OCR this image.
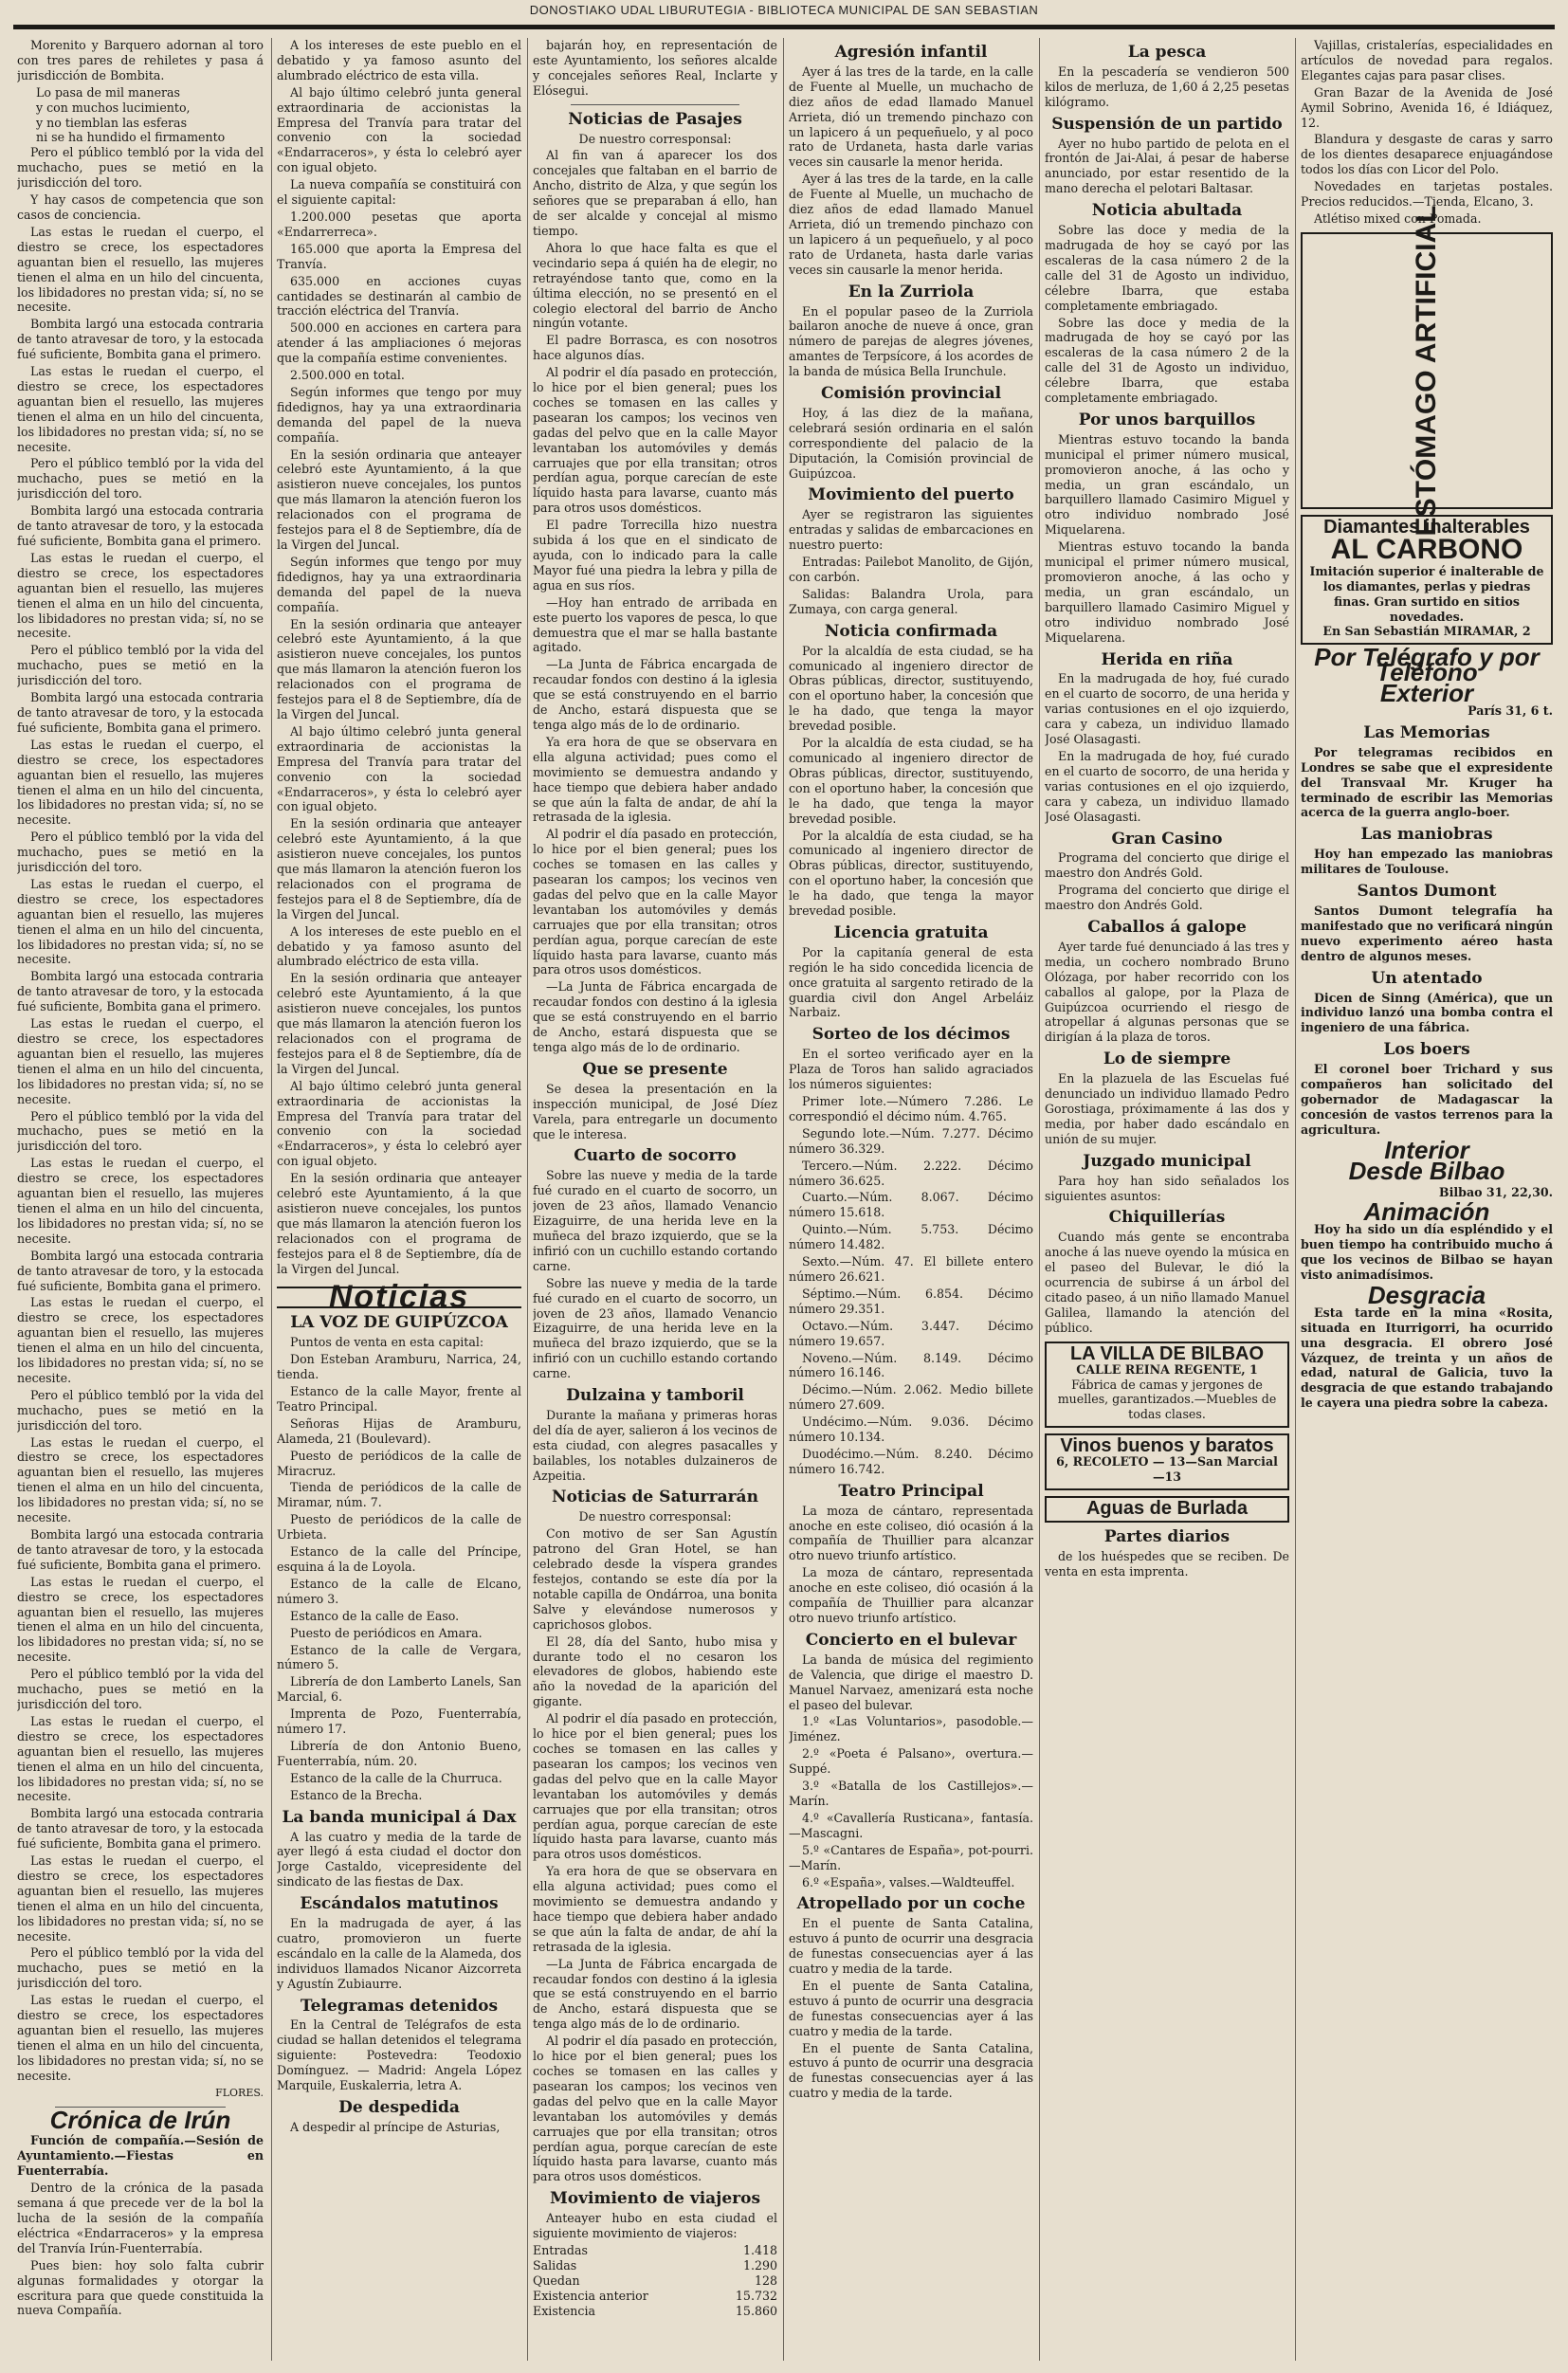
DONOSTIAKO UDAL LIBURUTEGIA - BIBLIOTECA MUNICIPAL DE SAN SEBASTIAN

Morenito y Barquero adornan al toro con tres pares de rehiletes y pasa á jurisdicción de Bombita.

Lo pasa de mil maneras

y con muchos lucimiento,

y no tiemblan las esferas

ni se ha hundido el firmamento

Pero el público tembló por la vida del muchacho, pues se metió en la jurisdicción del toro.

Y hay casos de competencia que son casos de conciencia.

Las estas le ruedan el cuerpo, el diestro se crece, los espectadores aguantan bien el resuello, las mujeres tienen el alma en un hilo del cincuenta, los libidadores no prestan vida; sí, no se necesite.

Bombita largó una estocada contraria de tanto atravesar de toro, y la estocada fué suficiente, Bombita gana el primero.

Las estas le ruedan el cuerpo, el diestro se crece, los espectadores aguantan bien el resuello, las mujeres tienen el alma en un hilo del cincuenta, los libidadores no prestan vida; sí, no se necesite.

Pero el público tembló por la vida del muchacho, pues se metió en la jurisdicción del toro.

Bombita largó una estocada contraria de tanto atravesar de toro, y la estocada fué suficiente, Bombita gana el primero.

Las estas le ruedan el cuerpo, el diestro se crece, los espectadores aguantan bien el resuello, las mujeres tienen el alma en un hilo del cincuenta, los libidadores no prestan vida; sí, no se necesite.

Pero el público tembló por la vida del muchacho, pues se metió en la jurisdicción del toro.

Bombita largó una estocada contraria de tanto atravesar de toro, y la estocada fué suficiente, Bombita gana el primero.

Las estas le ruedan el cuerpo, el diestro se crece, los espectadores aguantan bien el resuello, las mujeres tienen el alma en un hilo del cincuenta, los libidadores no prestan vida; sí, no se necesite.

Pero el público tembló por la vida del muchacho, pues se metió en la jurisdicción del toro.

Las estas le ruedan el cuerpo, el diestro se crece, los espectadores aguantan bien el resuello, las mujeres tienen el alma en un hilo del cincuenta, los libidadores no prestan vida; sí, no se necesite.

Bombita largó una estocada contraria de tanto atravesar de toro, y la estocada fué suficiente, Bombita gana el primero.

Las estas le ruedan el cuerpo, el diestro se crece, los espectadores aguantan bien el resuello, las mujeres tienen el alma en un hilo del cincuenta, los libidadores no prestan vida; sí, no se necesite.

Pero el público tembló por la vida del muchacho, pues se metió en la jurisdicción del toro.

Las estas le ruedan el cuerpo, el diestro se crece, los espectadores aguantan bien el resuello, las mujeres tienen el alma en un hilo del cincuenta, los libidadores no prestan vida; sí, no se necesite.

Bombita largó una estocada contraria de tanto atravesar de toro, y la estocada fué suficiente, Bombita gana el primero.

Las estas le ruedan el cuerpo, el diestro se crece, los espectadores aguantan bien el resuello, las mujeres tienen el alma en un hilo del cincuenta, los libidadores no prestan vida; sí, no se necesite.

Pero el público tembló por la vida del muchacho, pues se metió en la jurisdicción del toro.

Las estas le ruedan el cuerpo, el diestro se crece, los espectadores aguantan bien el resuello, las mujeres tienen el alma en un hilo del cincuenta, los libidadores no prestan vida; sí, no se necesite.

Bombita largó una estocada contraria de tanto atravesar de toro, y la estocada fué suficiente, Bombita gana el primero.

Las estas le ruedan el cuerpo, el diestro se crece, los espectadores aguantan bien el resuello, las mujeres tienen el alma en un hilo del cincuenta, los libidadores no prestan vida; sí, no se necesite.

Pero el público tembló por la vida del muchacho, pues se metió en la jurisdicción del toro.

Las estas le ruedan el cuerpo, el diestro se crece, los espectadores aguantan bien el resuello, las mujeres tienen el alma en un hilo del cincuenta, los libidadores no prestan vida; sí, no se necesite.

Bombita largó una estocada contraria de tanto atravesar de toro, y la estocada fué suficiente, Bombita gana el primero.

Las estas le ruedan el cuerpo, el diestro se crece, los espectadores aguantan bien el resuello, las mujeres tienen el alma en un hilo del cincuenta, los libidadores no prestan vida; sí, no se necesite.

Pero el público tembló por la vida del muchacho, pues se metió en la jurisdicción del toro.

Las estas le ruedan el cuerpo, el diestro se crece, los espectadores aguantan bien el resuello, las mujeres tienen el alma en un hilo del cincuenta, los libidadores no prestan vida; sí, no se necesite.

FLORES.
Crónica de Irún

Función de compañía.—Sesión de Ayuntamiento.—Fiestas en Fuenterrabía.

Dentro de la crónica de la pasada semana á que precede ver de la bol la lucha de la sesión de la compañía eléctrica «Endarraceros» y la empresa del Tranvía Irún-Fuenterrabía.

Pues bien: hoy solo falta cubrir algunas formalidades y otorgar la escritura para que quede constituida la nueva Compañía.

A los intereses de este pueblo en el debatido y ya famoso asunto del alumbrado eléctrico de esta villa.

Al bajo último celebró junta general extraordinaria de accionistas la Empresa del Tranvía para tratar del convenio con la sociedad «Endarraceros», y ésta lo celebró ayer con igual objeto.

La nueva compañía se constituirá con el siguiente capital:

1.200.000 pesetas que aporta «Endarrerreca».

165.000 que aporta la Empresa del Tranvía.

635.000 en acciones cuyas cantidades se destinarán al cambio de tracción eléctrica del Tranvía.

500.000 en acciones en cartera para atender á las ampliaciones ó mejoras que la compañía estime convenientes.

2.500.000 en total.

Según informes que tengo por muy fidedignos, hay ya una extraordinaria demanda del papel de la nueva compañía.

En la sesión ordinaria que anteayer celebró este Ayuntamiento, á la que asistieron nueve concejales, los puntos que más llamaron la atención fueron los relacionados con el programa de festejos para el 8 de Septiembre, día de la Virgen del Juncal.

Según informes que tengo por muy fidedignos, hay ya una extraordinaria demanda del papel de la nueva compañía.

En la sesión ordinaria que anteayer celebró este Ayuntamiento, á la que asistieron nueve concejales, los puntos que más llamaron la atención fueron los relacionados con el programa de festejos para el 8 de Septiembre, día de la Virgen del Juncal.

Al bajo último celebró junta general extraordinaria de accionistas la Empresa del Tranvía para tratar del convenio con la sociedad «Endarraceros», y ésta lo celebró ayer con igual objeto.

En la sesión ordinaria que anteayer celebró este Ayuntamiento, á la que asistieron nueve concejales, los puntos que más llamaron la atención fueron los relacionados con el programa de festejos para el 8 de Septiembre, día de la Virgen del Juncal.

A los intereses de este pueblo en el debatido y ya famoso asunto del alumbrado eléctrico de esta villa.

En la sesión ordinaria que anteayer celebró este Ayuntamiento, á la que asistieron nueve concejales, los puntos que más llamaron la atención fueron los relacionados con el programa de festejos para el 8 de Septiembre, día de la Virgen del Juncal.

Al bajo último celebró junta general extraordinaria de accionistas la Empresa del Tranvía para tratar del convenio con la sociedad «Endarraceros», y ésta lo celebró ayer con igual objeto.

En la sesión ordinaria que anteayer celebró este Ayuntamiento, á la que asistieron nueve concejales, los puntos que más llamaron la atención fueron los relacionados con el programa de festejos para el 8 de Septiembre, día de la Virgen del Juncal.

Noticias
LA VOZ DE GUIPÚZCOA

Puntos de venta en esta capital:

Don Esteban Aramburu, Narrica, 24, tienda.

Estanco de la calle Mayor, frente al Teatro Principal.

Señoras Hijas de Aramburu, Alameda, 21 (Boulevard).

Puesto de periódicos de la calle de Miracruz.

Tienda de periódicos de la calle de Miramar, núm. 7.

Puesto de periódicos de la calle de Urbieta.

Estanco de la calle del Príncipe, esquina á la de Loyola.

Estanco de la calle de Elcano, número 3.

Estanco de la calle de Easo.

Puesto de periódicos en Amara.

Estanco de la calle de Vergara, número 5.

Librería de don Lamberto Lanels, San Marcial, 6.

Imprenta de Pozo, Fuenterrabía, número 17.

Librería de don Antonio Bueno, Fuenterrabía, núm. 20.

Estanco de la calle de la Churruca.

Estanco de la Brecha.

La banda municipal á Dax

A las cuatro y media de la tarde de ayer llegó á esta ciudad el doctor don Jorge Castaldo, vicepresidente del sindicato de las fiestas de Dax.

Escándalos matutinos

En la madrugada de ayer, á las cuatro, promovieron un fuerte escándalo en la calle de la Alameda, dos individuos llamados Nicanor Aizcorreta y Agustín Zubiaurre.

Telegramas detenidos

En la Central de Telégrafos de esta ciudad se hallan detenidos el telegrama siguiente: Postevedra: Teodoxio Domínguez. — Madrid: Angela López Marquile, Euskalerria, letra A.

De despedida

A despedir al príncipe de Asturias,

bajarán hoy, en representación de este Ayuntamiento, los señores alcalde y concejales señores Real, Inclarte y Elósegui.

Noticias de Pasajes

De nuestro corresponsal:

Al fin van á aparecer los dos concejales que faltaban en el barrio de Ancho, distrito de Alza, y que según los señores que se preparaban á ello, han de ser alcalde y concejal al mismo tiempo.

Ahora lo que hace falta es que el vecindario sepa á quién ha de elegir, no retrayéndose tanto que, como en la última elección, no se presentó en el colegio electoral del barrio de Ancho ningún votante.

El padre Borrasca, es con nosotros hace algunos días.

Al podrir el día pasado en protección, lo hice por el bien general; pues los coches se tomasen en las calles y pasearan los campos; los vecinos ven gadas del pelvo que en la calle Mayor levantaban los automóviles y demás carruajes que por ella transitan; otros perdían agua, porque carecían de este líquido hasta para lavarse, cuanto más para otros usos domésticos.

El padre Torrecilla hizo nuestra subida á los que en el sindicato de ayuda, con lo indicado para la calle Mayor fué una piedra la lebra y pilla de agua en sus ríos.

—Hoy han entrado de arribada en este puerto los vapores de pesca, lo que demuestra que el mar se halla bastante agitado.

—La Junta de Fábrica encargada de recaudar fondos con destino á la iglesia que se está construyendo en el barrio de Ancho, estará dispuesta que se tenga algo más de lo de ordinario.

Ya era hora de que se observara en ella alguna actividad; pues como el movimiento se demuestra andando y hace tiempo que debiera haber andado se que aún la falta de andar, de ahí la retrasada de la iglesia.

Al podrir el día pasado en protección, lo hice por el bien general; pues los coches se tomasen en las calles y pasearan los campos; los vecinos ven gadas del pelvo que en la calle Mayor levantaban los automóviles y demás carruajes que por ella transitan; otros perdían agua, porque carecían de este líquido hasta para lavarse, cuanto más para otros usos domésticos.

—La Junta de Fábrica encargada de recaudar fondos con destino á la iglesia que se está construyendo en el barrio de Ancho, estará dispuesta que se tenga algo más de lo de ordinario.

Que se presente

Se desea la presentación en la inspección municipal, de José Díez Varela, para entregarle un documento que le interesa.

Cuarto de socorro

Sobre las nueve y media de la tarde fué curado en el cuarto de socorro, un joven de 23 años, llamado Venancio Eizaguirre, de una herida leve en la muñeca del brazo izquierdo, que se la infirió con un cuchillo estando cortando carne.

Sobre las nueve y media de la tarde fué curado en el cuarto de socorro, un joven de 23 años, llamado Venancio Eizaguirre, de una herida leve en la muñeca del brazo izquierdo, que se la infirió con un cuchillo estando cortando carne.

Dulzaina y tamboril

Durante la mañana y primeras horas del día de ayer, salieron á los vecinos de esta ciudad, con alegres pasacalles y bailables, los notables dulzaineros de Azpeitia.

Noticias de Saturrarán

De nuestro corresponsal:

Con motivo de ser San Agustín patrono del Gran Hotel, se han celebrado desde la víspera grandes festejos, contando se este día por la notable capilla de Ondárroa, una bonita Salve y elevándose numerosos y caprichosos globos.

El 28, día del Santo, hubo misa y durante todo el no cesaron los elevadores de globos, habiendo este año la novedad de la aparición del gigante.

Al podrir el día pasado en protección, lo hice por el bien general; pues los coches se tomasen en las calles y pasearan los campos; los vecinos ven gadas del pelvo que en la calle Mayor levantaban los automóviles y demás carruajes que por ella transitan; otros perdían agua, porque carecían de este líquido hasta para lavarse, cuanto más para otros usos domésticos.

Ya era hora de que se observara en ella alguna actividad; pues como el movimiento se demuestra andando y hace tiempo que debiera haber andado se que aún la falta de andar, de ahí la retrasada de la iglesia.

—La Junta de Fábrica encargada de recaudar fondos con destino á la iglesia que se está construyendo en el barrio de Ancho, estará dispuesta que se tenga algo más de lo de ordinario.

Al podrir el día pasado en protección, lo hice por el bien general; pues los coches se tomasen en las calles y pasearan los campos; los vecinos ven gadas del pelvo que en la calle Mayor levantaban los automóviles y demás carruajes que por ella transitan; otros perdían agua, porque carecían de este líquido hasta para lavarse, cuanto más para otros usos domésticos.

Movimiento de viajeros

Anteayer hubo en esta ciudad el siguiente movimiento de viajeros:

Entradas	1.418
Salidas	1.290
Quedan	128
Existencia anterior	15.732
Existencia	15.860
Agresión infantil

Ayer á las tres de la tarde, en la calle de Fuente al Muelle, un muchacho de diez años de edad llamado Manuel Arrieta, dió un tremendo pinchazo con un lapicero á un pequeñuelo, y al poco rato de Urdaneta, hasta darle varias veces sin causarle la menor herida.

Ayer á las tres de la tarde, en la calle de Fuente al Muelle, un muchacho de diez años de edad llamado Manuel Arrieta, dió un tremendo pinchazo con un lapicero á un pequeñuelo, y al poco rato de Urdaneta, hasta darle varias veces sin causarle la menor herida.

En la Zurriola

En el popular paseo de la Zurriola bailaron anoche de nueve á once, gran número de parejas de alegres jóvenes, amantes de Terpsícore, á los acordes de la banda de música Bella Irunchule.

Comisión provincial

Hoy, á las diez de la mañana, celebrará sesión ordinaria en el salón correspondiente del palacio de la Diputación, la Comisión provincial de Guipúzcoa.

Movimiento del puerto

Ayer se registraron las siguientes entradas y salidas de embarcaciones en nuestro puerto:

Entradas: Pailebot Manolito, de Gijón, con carbón.

Salidas: Balandra Urola, para Zumaya, con carga general.

Noticia confirmada

Por la alcaldía de esta ciudad, se ha comunicado al ingeniero director de Obras públicas, director, sustituyendo, con el oportuno haber, la concesión que le ha dado, que tenga la mayor brevedad posible.

Por la alcaldía de esta ciudad, se ha comunicado al ingeniero director de Obras públicas, director, sustituyendo, con el oportuno haber, la concesión que le ha dado, que tenga la mayor brevedad posible.

Por la alcaldía de esta ciudad, se ha comunicado al ingeniero director de Obras públicas, director, sustituyendo, con el oportuno haber, la concesión que le ha dado, que tenga la mayor brevedad posible.

Licencia gratuita

Por la capitanía general de esta región le ha sido concedida licencia de once gratuita al sargento retirado de la guardia civil don Angel Arbeláiz Narbaiz.

Sorteo de los décimos

En el sorteo verificado ayer en la Plaza de Toros han salido agraciados los números siguientes:

Primer lote.—Número 7.286. Le correspondió el décimo núm. 4.765.

Segundo lote.—Núm. 7.277. Décimo número 36.329.

Tercero.—Núm. 2.222. Décimo número 36.625.

Cuarto.—Núm. 8.067. Décimo número 15.618.

Quinto.—Núm. 5.753. Décimo número 14.482.

Sexto.—Núm. 47. El billete entero número 26.621.

Séptimo.—Núm. 6.854. Décimo número 29.351.

Octavo.—Núm. 3.447. Décimo número 19.657.

Noveno.—Núm. 8.149. Décimo número 16.146.

Décimo.—Núm. 2.062. Medio billete número 27.609.

Undécimo.—Núm. 9.036. Décimo número 10.134.

Duodécimo.—Núm. 8.240. Décimo número 16.742.

Teatro Principal

La moza de cántaro, representada anoche en este coliseo, dió ocasión á la compañía de Thuillier para alcanzar otro nuevo triunfo artístico.

La moza de cántaro, representada anoche en este coliseo, dió ocasión á la compañía de Thuillier para alcanzar otro nuevo triunfo artístico.

Concierto en el bulevar

La banda de música del regimiento de Valencia, que dirige el maestro D. Manuel Narvaez, amenizará esta noche el paseo del bulevar.

1.º «Las Voluntarios», pasodoble.—Jiménez.

2.º «Poeta é Palsano», overtura.—Suppé.

3.º «Batalla de los Castillejos».—Marín.

4.º «Cavallería Rusticana», fantasía.—Mascagni.

5.º «Cantares de España», pot-pourri.—Marín.

6.º «España», valses.—Waldteuffel.

Atropellado por un coche

En el puente de Santa Catalina, estuvo á punto de ocurrir una desgracia de funestas consecuencias ayer á las cuatro y media de la tarde.

En el puente de Santa Catalina, estuvo á punto de ocurrir una desgracia de funestas consecuencias ayer á las cuatro y media de la tarde.

En el puente de Santa Catalina, estuvo á punto de ocurrir una desgracia de funestas consecuencias ayer á las cuatro y media de la tarde.

La pesca

En la pescadería se vendieron 500 kilos de merluza, de 1,60 á 2,25 pesetas kilógramo.

Suspensión de un partido

Ayer no hubo partido de pelota en el frontón de Jai-Alai, á pesar de haberse anunciado, por estar resentido de la mano derecha el pelotari Baltasar.

Noticia abultada

Sobre las doce y media de la madrugada de hoy se cayó por las escaleras de la casa número 2 de la calle del 31 de Agosto un individuo, célebre Ibarra, que estaba completamente embriagado.

Sobre las doce y media de la madrugada de hoy se cayó por las escaleras de la casa número 2 de la calle del 31 de Agosto un individuo, célebre Ibarra, que estaba completamente embriagado.

Por unos barquillos

Mientras estuvo tocando la banda municipal el primer número musical, promovieron anoche, á las ocho y media, un gran escándalo, un barquillero llamado Casimiro Miguel y otro individuo nombrado José Miquelarena.

Mientras estuvo tocando la banda municipal el primer número musical, promovieron anoche, á las ocho y media, un gran escándalo, un barquillero llamado Casimiro Miguel y otro individuo nombrado José Miquelarena.

Herida en riña

En la madrugada de hoy, fué curado en el cuarto de socorro, de una herida y varias contusiones en el ojo izquierdo, cara y cabeza, un individuo llamado José Olasagasti.

En la madrugada de hoy, fué curado en el cuarto de socorro, de una herida y varias contusiones en el ojo izquierdo, cara y cabeza, un individuo llamado José Olasagasti.

Gran Casino

Programa del concierto que dirige el maestro don Andrés Gold.

Programa del concierto que dirige el maestro don Andrés Gold.

Caballos á galope

Ayer tarde fué denunciado á las tres y media, un cochero nombrado Bruno Olózaga, por haber recorrido con los caballos al galope, por la Plaza de Guipúzcoa ocurriendo el riesgo de atropellar á algunas personas que se dirigían á la plaza de toros.

Lo de siempre

En la plazuela de las Escuelas fué denunciado un individuo llamado Pedro Gorostiaga, próximamente á las dos y media, por haber dado escándalo en unión de su mujer.

Juzgado municipal

Para hoy han sido señalados los siguientes asuntos:

Chiquillerías

Cuando más gente se encontraba anoche á las nueve oyendo la música en el paseo del Bulevar, le dió la ocurrencia de subirse á un árbol del citado paseo, á un niño llamado Manuel Galilea, llamando la atención del público.

LA VILLA DE BILBAO
CALLE REINA REGENTE, 1
Fábrica de camas y jergones de muelles, garantizados.—Muebles de todas clases.
Vinos buenos y baratos
6, RECOLETO — 13—San Marcial—13
Aguas de Burlada
Partes diarios

de los huéspedes que se reciben. De venta en esta imprenta.

Vajillas, cristalerías, especialidades en artículos de novedad para regalos. Elegantes cajas para pasar clises.

Gran Bazar de la Avenida de José Aymil Sobrino, Avenida 16, é Idiáquez, 12.

Blandura y desgaste de caras y sarro de los dientes desaparece enjuagándose todos los días con Licor del Polo.

Novedades en tarjetas postales. Precios reducidos.—Tienda, Elcano, 3.

Atlétiso mixed con Pomada.

ESTÓMAGO ARTIFICIAL
Diamantes inalterables
AL CARBONO
Imitación superior é inalterable de los diamantes, perlas y piedras finas. Gran surtido en sitios novedades.
En San Sebastián MIRAMAR, 2
Por Telégrafo y por Teléfono
Exterior
París 31, 6 t.
Las Memorias

Por telegramas recibidos en Londres se sabe que el expresidente del Transvaal Mr. Kruger ha terminado de escribir las Memorias acerca de la guerra anglo-boer.

Las maniobras

Hoy han empezado las maniobras militares de Toulouse.

Santos Dumont

Santos Dumont telegrafía ha manifestado que no verificará ningún nuevo experimento aéreo hasta dentro de algunos meses.

Un atentado

Dicen de Sinng (América), que un individuo lanzó una bomba contra el ingeniero de una fábrica.

Los boers

El coronel boer Trichard y sus compañeros han solicitado del gobernador de Madagascar la concesión de vastos terrenos para la agricultura.

Interior
Desde Bilbao
Bilbao 31, 22,30.
Animación

Hoy ha sido un día espléndido y el buen tiempo ha contribuido mucho á que los vecinos de Bilbao se hayan visto animadísimos.

Desgracia

Esta tarde en la mina «Rosita, situada en Iturrigorri, ha ocurrido una desgracia. El obrero José Vázquez, de treinta y un años de edad, natural de Galicia, tuvo la desgracia de que estando trabajando le cayera una piedra sobre la cabeza.
